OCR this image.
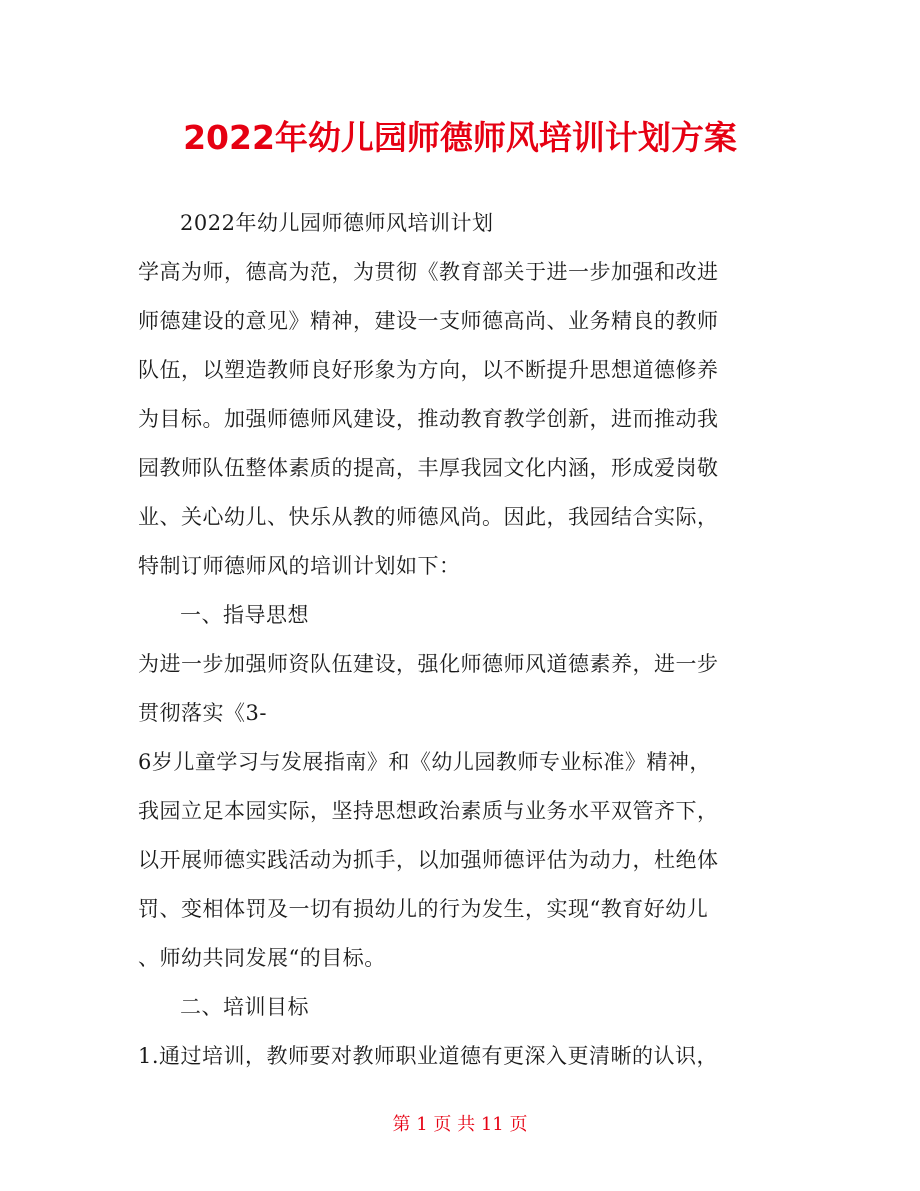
2022年幼儿园师德师风培训计划方案

2022年幼儿园师德师风培训计划

学高为师，德高为范，为贯彻《教育部关于进一步加强和改进

师德建设的意见》精神，建设一支师德高尚、业务精良的教师

队伍，以塑造教师良好形象为方向，以不断提升思想道德修养

为目标。加强师德师风建设，推动教育教学创新，进而推动我

园教师队伍整体素质的提高，丰厚我园文化内涵，形成爱岗敬

业、关心幼儿、快乐从教的师德风尚。因此，我园结合实际，

特制订师德师风的培训计划如下：

一、指导思想

为进一步加强师资队伍建设，强化师德师风道德素养，进一步

贯彻落实《3-

6岁儿童学习与发展指南》和《幼儿园教师专业标准》精神，

我园立足本园实际，坚持思想政治素质与业务水平双管齐下，

以开展师德实践活动为抓手，以加强师德评估为动力，杜绝体

罚、变相体罚及一切有损幼儿的行为发生，实现“教育好幼儿

、师幼共同发展“的目标。

二、培训目标

1.通过培训，教师要对教师职业道德有更深入更清晰的认识，

第 1 页 共 11 页
